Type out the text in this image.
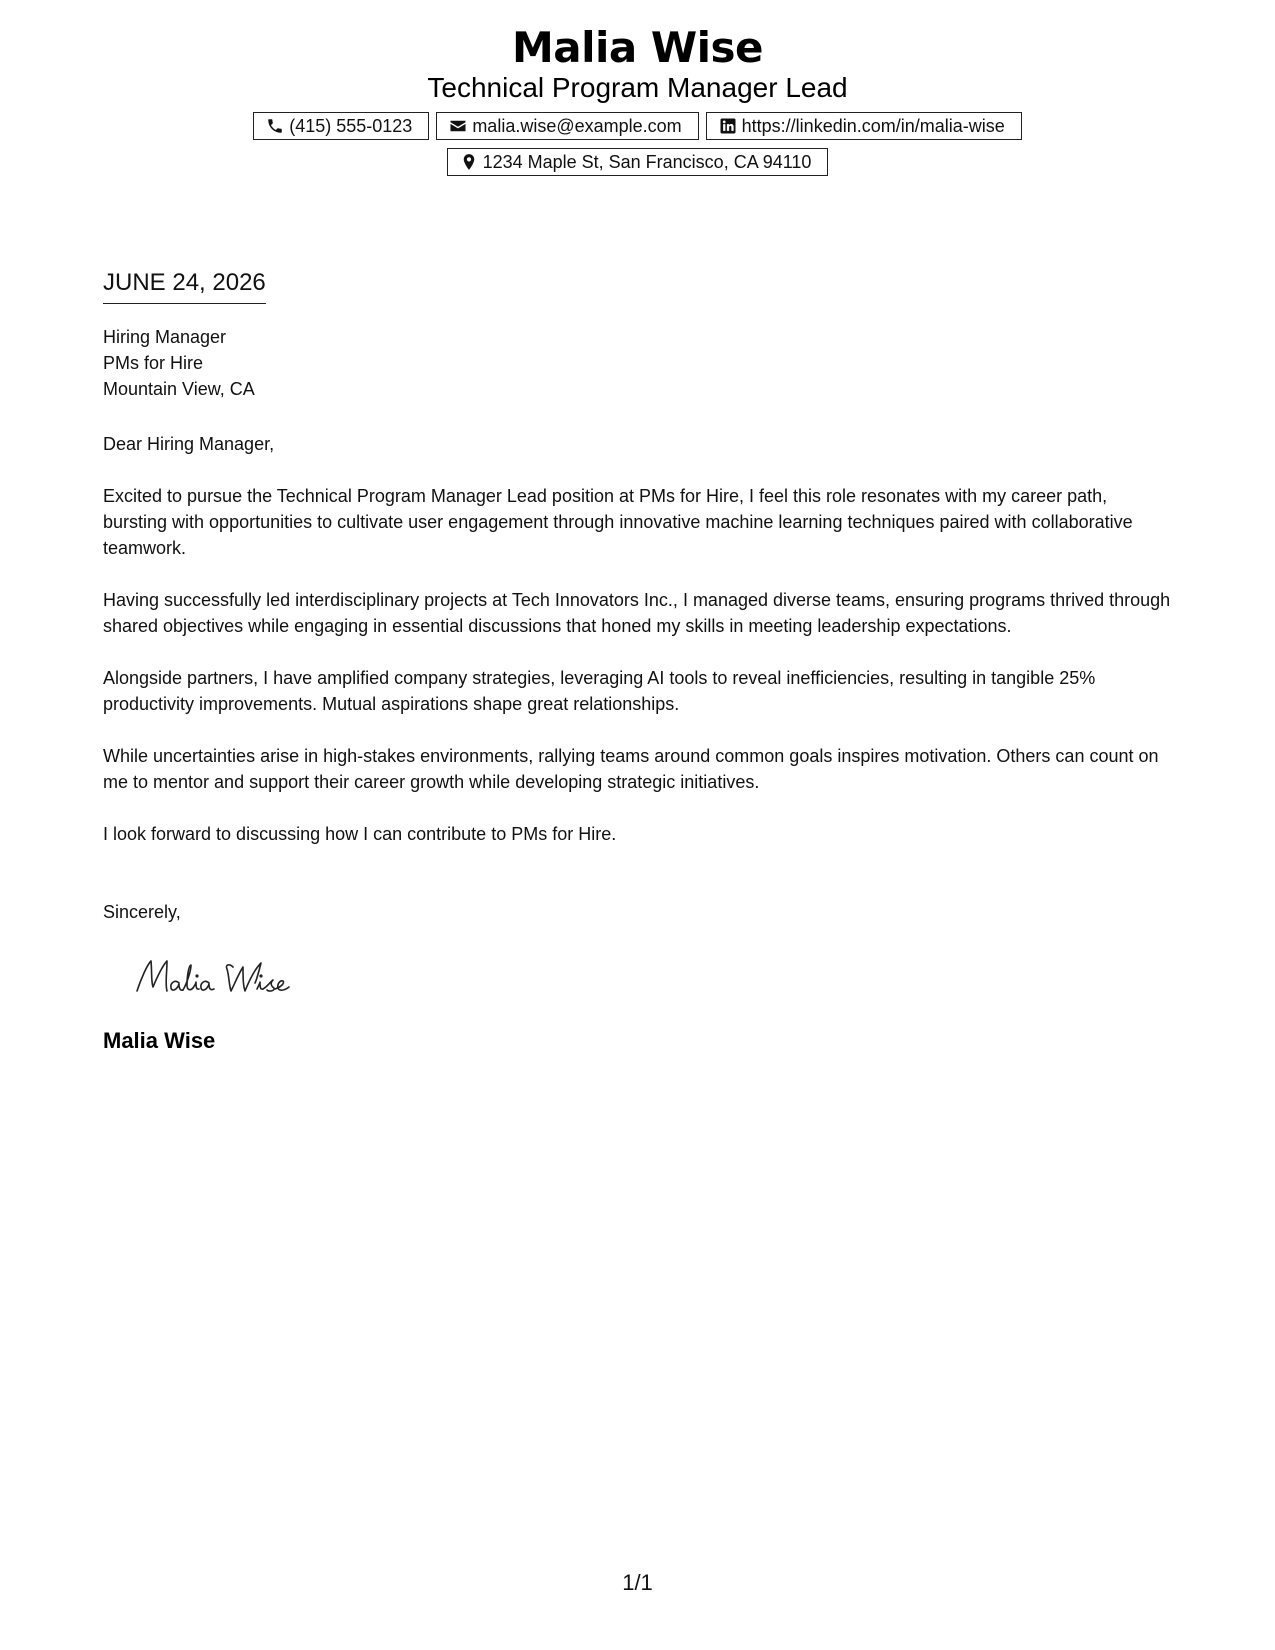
Malia Wise
Technical Program Manager Lead
(415) 555-0123	malia.wise@example.com	https://linkedin.com/in/malia-wise
1234 Maple St, San Francisco, CA 94110
JUNE 24, 2026
Hiring Manager
PMs for Hire
Mountain View, CA
Dear Hiring Manager,
Excited to pursue the Technical Program Manager Lead position at PMs for Hire, I feel this role resonates with my career path, bursting with opportunities to cultivate user engagement through innovative machine learning techniques paired with collaborative teamwork.
Having successfully led interdisciplinary projects at Tech Innovators Inc., I managed diverse teams, ensuring programs thrived through shared objectives while engaging in essential discussions that honed my skills in meeting leadership expectations.
Alongside partners, I have amplified company strategies, leveraging AI tools to reveal inefficiencies, resulting in tangible 25% productivity improvements. Mutual aspirations shape great relationships.
While uncertainties arise in high-stakes environments, rallying teams around common goals inspires motivation. Others can count on me to mentor and support their career growth while developing strategic initiatives.
I look forward to discussing how I can contribute to PMs for Hire.
Sincerely,
Malia Wise
1/1
